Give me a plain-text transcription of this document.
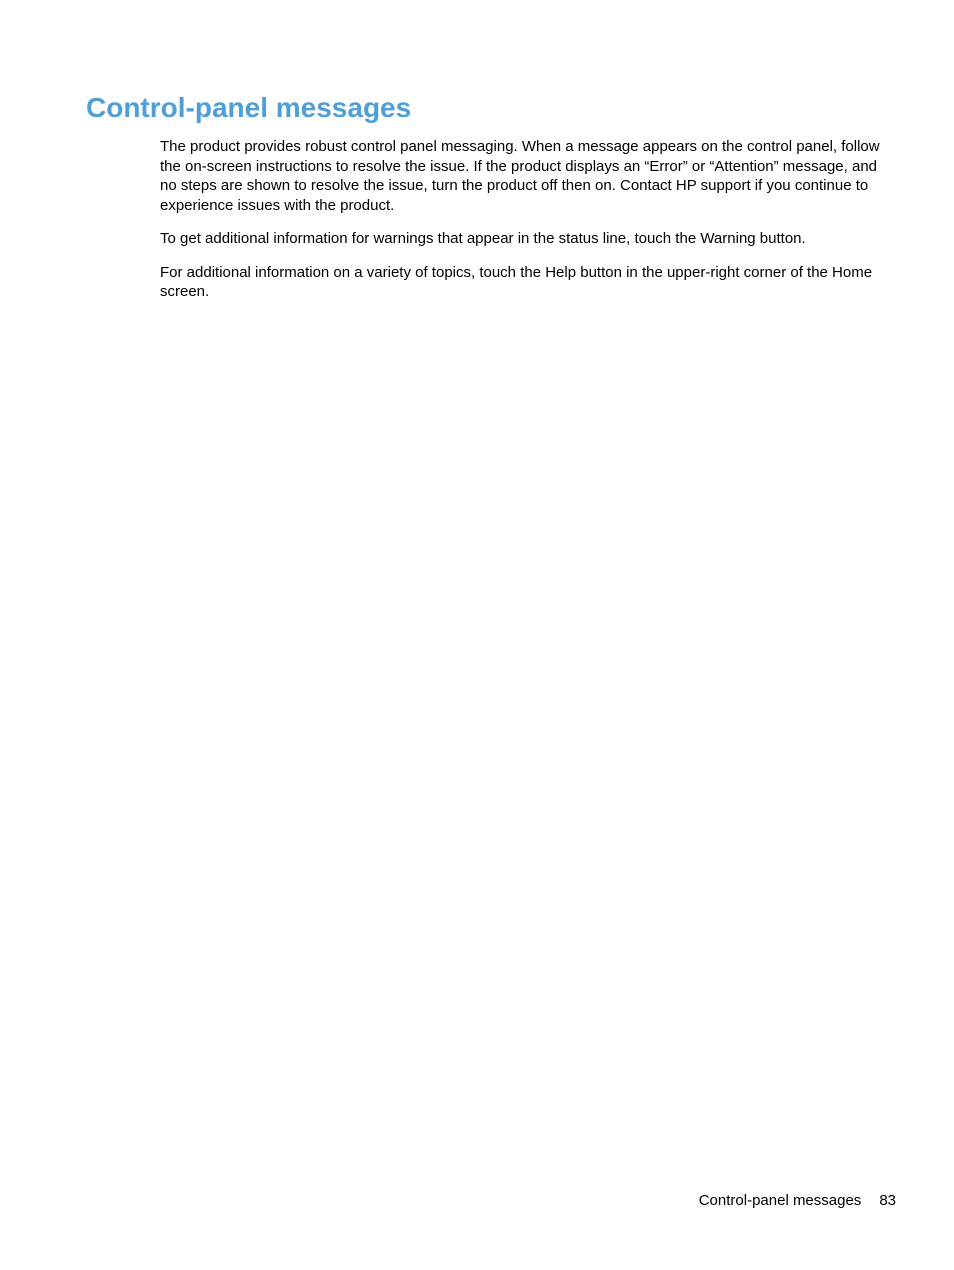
Control-panel messages

The product provides robust control panel messaging. When a message appears on the control panel, follow the on-screen instructions to resolve the issue. If the product displays an “Error” or “Attention” message, and no steps are shown to resolve the issue, turn the product off then on. Contact HP support if you continue to experience issues with the product.

To get additional information for warnings that appear in the status line, touch the Warning button.

For additional information on a variety of topics, touch the Help button in the upper-right corner of the Home screen.

Control-panel messages 83
